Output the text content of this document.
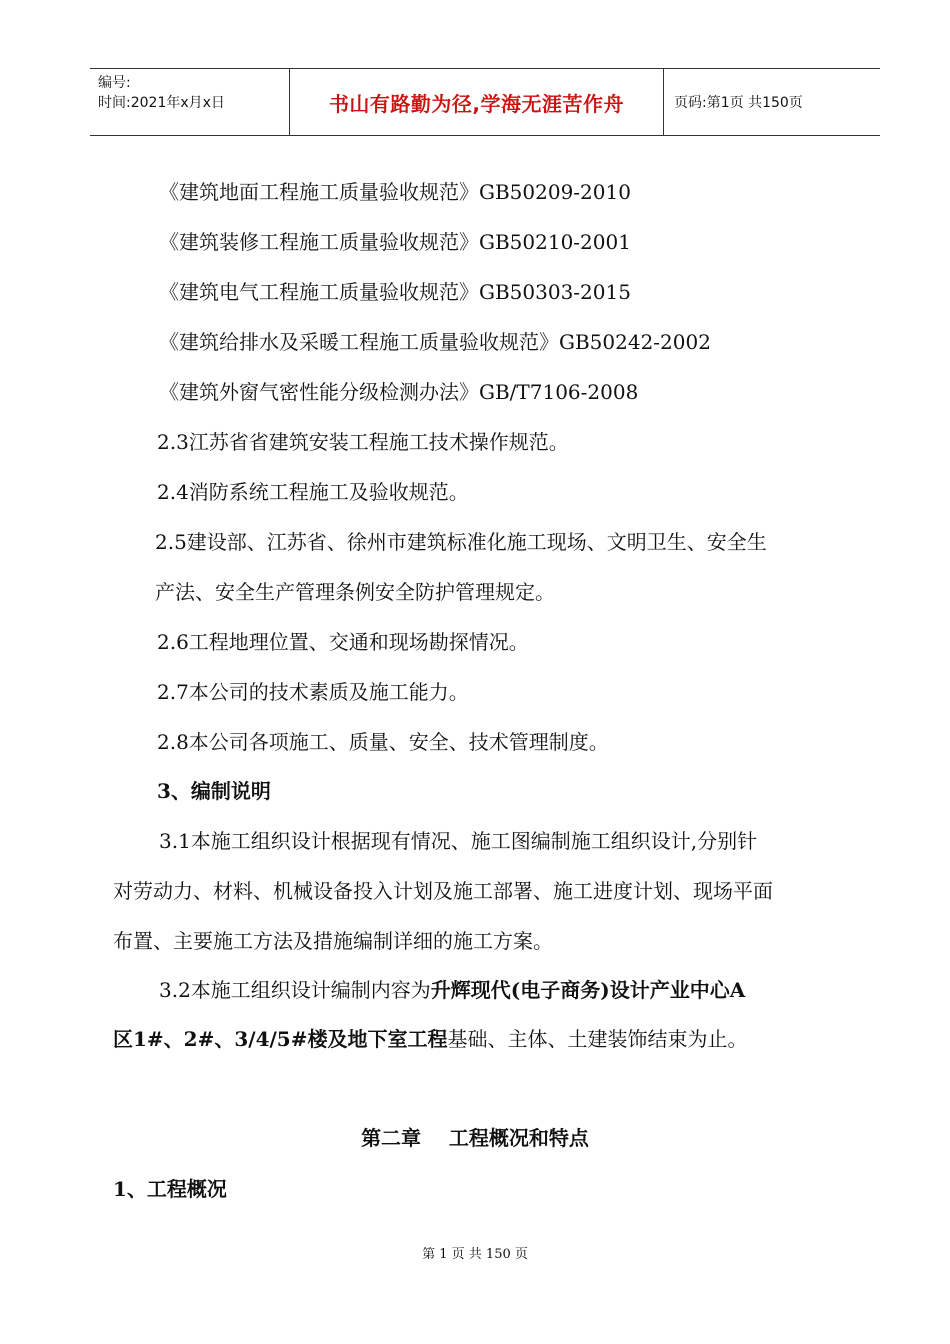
编号:
时间:2021年x月x日	书山有路勤为径,学海无涯苦作舟	页码:第1页 共150页
《建筑地面工程施工质量验收规范》GB50209-2010
《建筑装修工程施工质量验收规范》GB50210-2001
《建筑电气工程施工质量验收规范》GB50303-2015
《建筑给排水及采暖工程施工质量验收规范》GB50242-2002
《建筑外窗气密性能分级检测办法》GB/T7106-2008
2.3江苏省省建筑安装工程施工技术操作规范。
2.4消防系统工程施工及验收规范。
2.5建设部、江苏省、徐州市建筑标准化施工现场、文明卫生、安全生
产法、安全生产管理条例安全防护管理规定。
2.6工程地理位置、交通和现场勘探情况。
2.7本公司的技术素质及施工能力。
2.8本公司各项施工、质量、安全、技术管理制度。
3、编制说明
3.1本施工组织设计根据现有情况、施工图编制施工组织设计,分别针
对劳动力、材料、机械设备投入计划及施工部署、施工进度计划、现场平面
布置、主要施工方法及措施编制详细的施工方案。
3.2本施工组织设计编制内容为升辉现代(电子商务)设计产业中心A
区1#、2#、3/4/5#楼及地下室工程基础、主体、土建装饰结束为止。
第二章    工程概况和特点
1、工程概况
第 1 页 共 150 页
